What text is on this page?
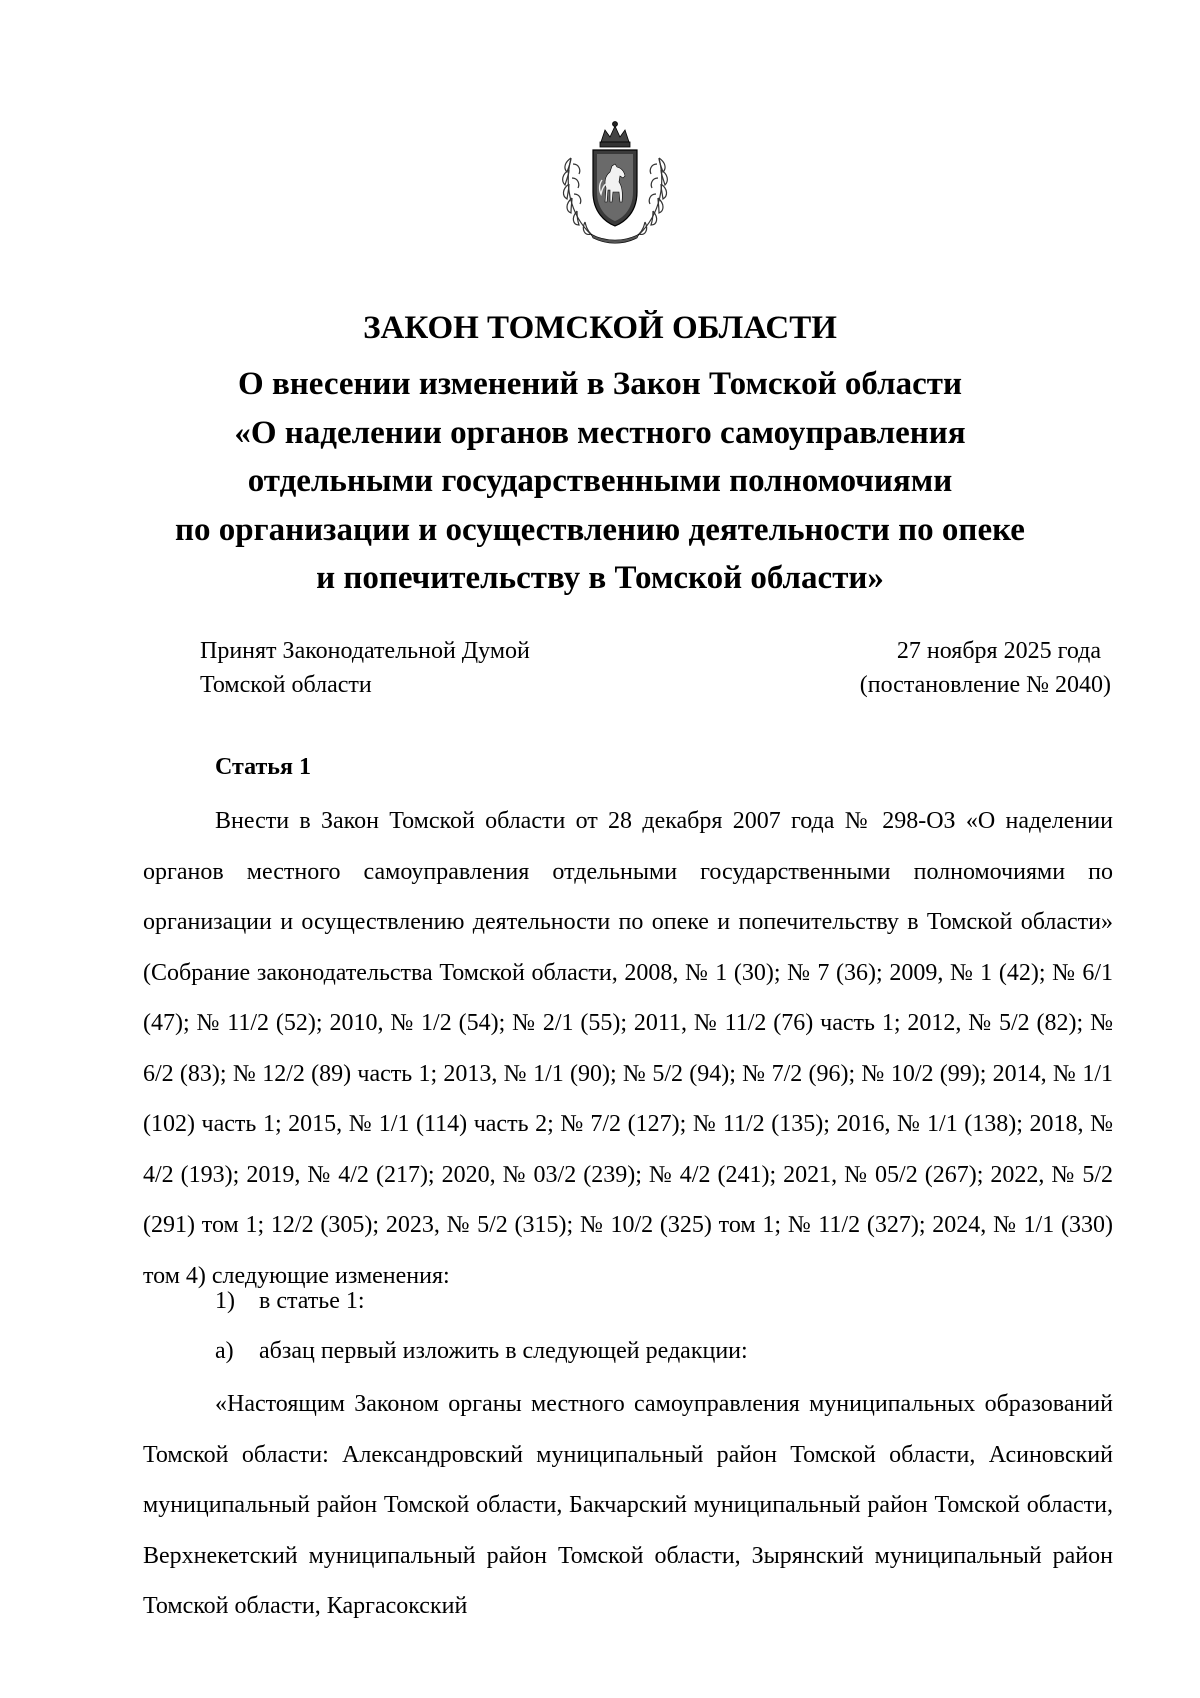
ЗАКОН ТОМСКОЙ ОБЛАСТИ
О внесении изменений в Закон Томской области
«О наделении органов местного самоуправления
отдельными государственными полномочиями
по организации и осуществлению деятельности по опеке
и попечительству в Томской области»
Принят Законодательной Думой
Томской области
27 ноября 2025 года
(постановление № 2040)
Статья 1

Внести в Закон Томской области от 28 декабря 2007 года № 298-ОЗ «О наделении органов местного самоуправления отдельными государственными полномочиями по организации и осуществлению деятельности по опеке и попечительству в Томской области» (Собрание законодательства Томской области, 2008, № 1 (30); № 7 (36); 2009, № 1 (42); № 6/1 (47); № 11/2 (52); 2010, № 1/2 (54); № 2/1 (55); 2011, № 11/2 (76) часть 1; 2012, № 5/2 (82); № 6/2 (83); № 12/2 (89) часть 1; 2013, № 1/1 (90); № 5/2 (94); № 7/2 (96); № 10/2 (99); 2014, № 1/1 (102) часть 1; 2015, № 1/1 (114) часть 2; № 7/2 (127); № 11/2 (135); 2016, № 1/1 (138); 2018, № 4/2 (193); 2019, № 4/2 (217); 2020, № 03/2 (239); № 4/2 (241); 2021, № 05/2 (267); 2022, № 5/2 (291) том 1; 12/2 (305); 2023, № 5/2 (315); № 10/2 (325) том 1; № 11/2 (327); 2024, № 1/1 (330) том 4) следующие изменения:

1) в статье 1:
а) абзац первый изложить в следующей редакции:

«Настоящим Законом органы местного самоуправления муниципальных образований Томской области: Александровский муниципальный район Томской области, Асиновский муниципальный район Томской области, Бакчарский муниципальный район Томской области, Верхнекетский муниципальный район Томской области, Зырянский муниципальный район Томской области, Каргасокский
